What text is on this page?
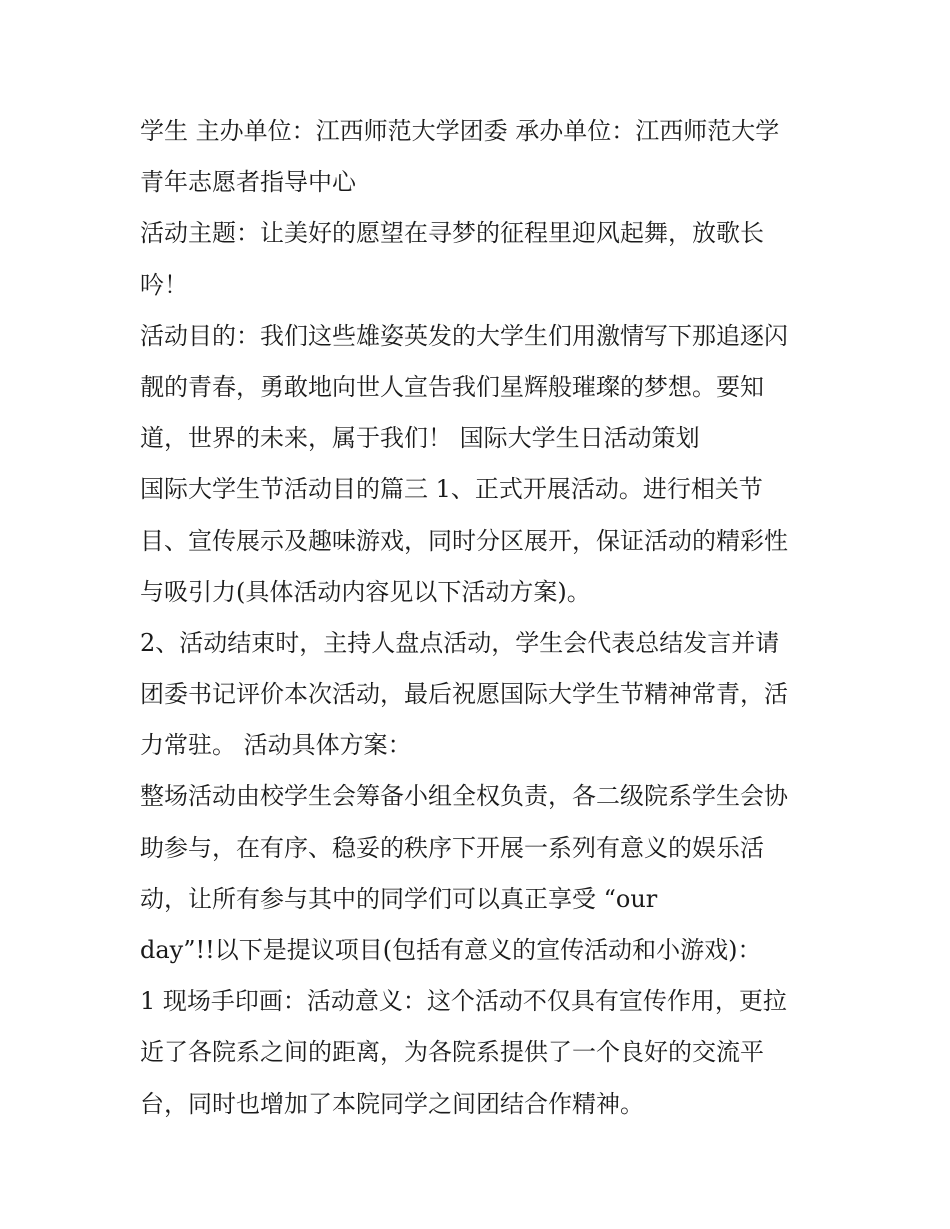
学生 主办单位：江西师范大学团委 承办单位：江西师范大学
青年志愿者指导中心
活动主题：让美好的愿望在寻梦的征程里迎风起舞，放歌长
吟！
活动目的：我们这些雄姿英发的大学生们用激情写下那追逐闪
靓的青春，勇敢地向世人宣告我们星辉般璀璨的梦想。要知
道，世界的未来，属于我们！ 国际大学生日活动策划
国际大学生节活动目的篇三 1、正式开展活动。进行相关节
目、宣传展示及趣味游戏，同时分区展开，保证活动的精彩性
与吸引力(具体活动内容见以下活动方案)。
2、活动结束时，主持人盘点活动，学生会代表总结发言并请
团委书记评价本次活动，最后祝愿国际大学生节精神常青，活
力常驻。 活动具体方案：
整场活动由校学生会筹备小组全权负责，各二级院系学生会协
助参与，在有序、稳妥的秩序下开展一系列有意义的娱乐活
动，让所有参与其中的同学们可以真正享受 “our
day”!!以下是提议项目(包括有意义的宣传活动和小游戏)：
1 现场手印画：活动意义：这个活动不仅具有宣传作用，更拉
近了各院系之间的距离，为各院系提供了一个良好的交流平
台，同时也增加了本院同学之间团结合作精神。
